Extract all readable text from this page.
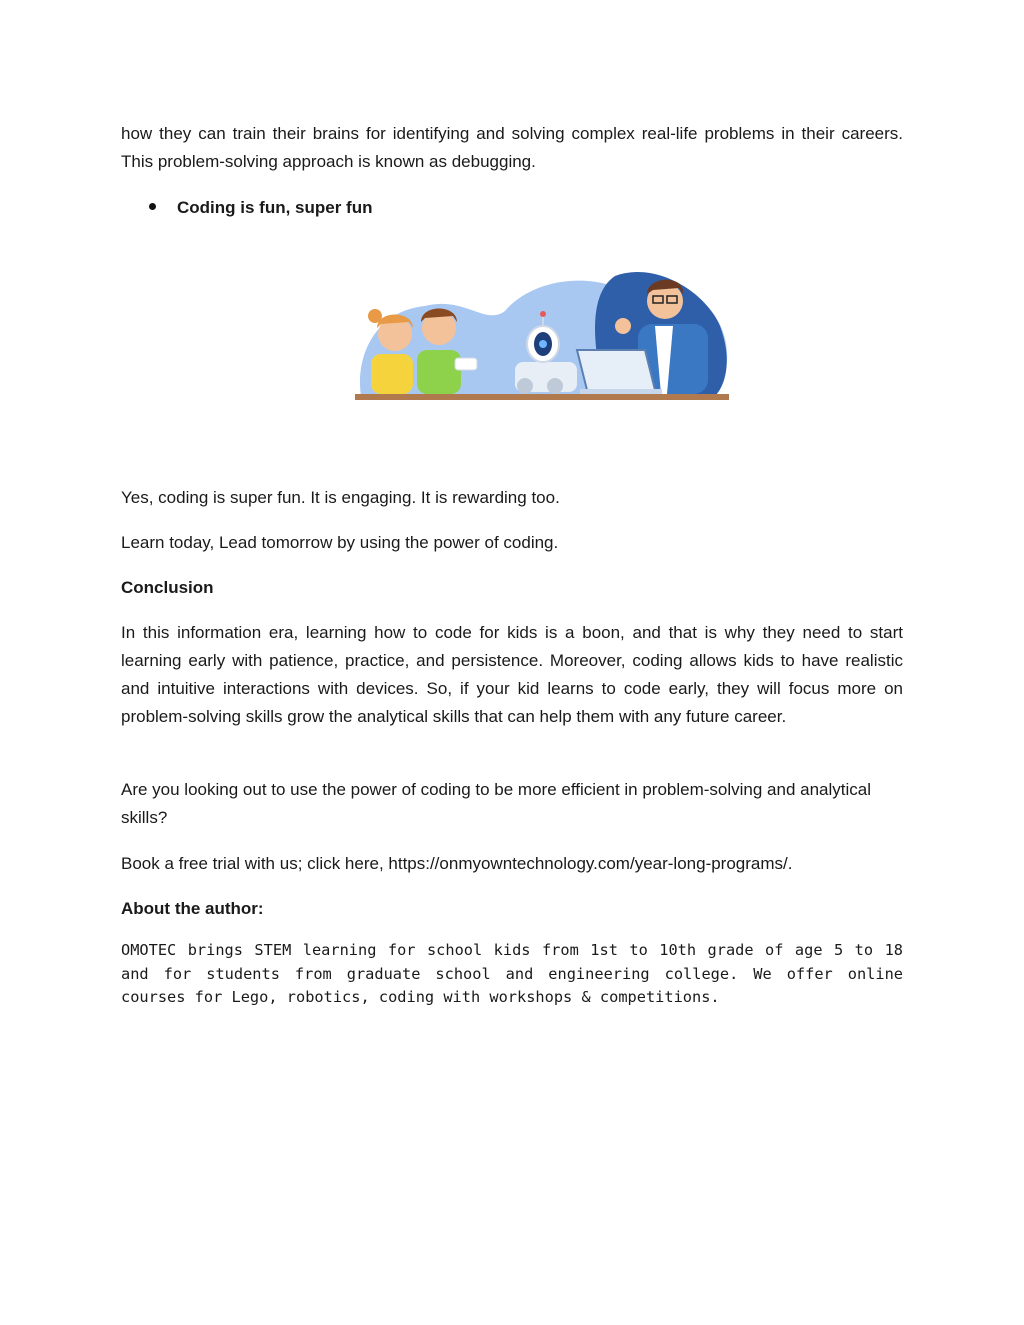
how they can train their brains for identifying and solving complex real-life problems in their careers. This problem-solving approach is known as debugging.

Coding is fun, super fun

Yes, coding is super fun. It is engaging. It is rewarding too.

Learn today, Lead tomorrow by using the power of coding.

Conclusion

In this information era, learning how to code for kids is a boon, and that is why they need to start learning early with patience, practice, and persistence. Moreover, coding allows kids to have realistic and intuitive interactions with devices. So, if your kid learns to code early, they will focus more on problem-solving skills grow the analytical skills that can help them with any future career.

Are you looking out to use the power of coding to be more efficient in problem-solving and analytical skills?

Book a free trial with us; click here, https://onmyowntechnology.com/year-long-programs/.

About the author:

OMOTEC brings STEM learning for school kids from 1st to 10th grade of age 5 to 18 and for students from graduate school and engineering college. We offer online courses for Lego, robotics, coding with workshops & competitions.
